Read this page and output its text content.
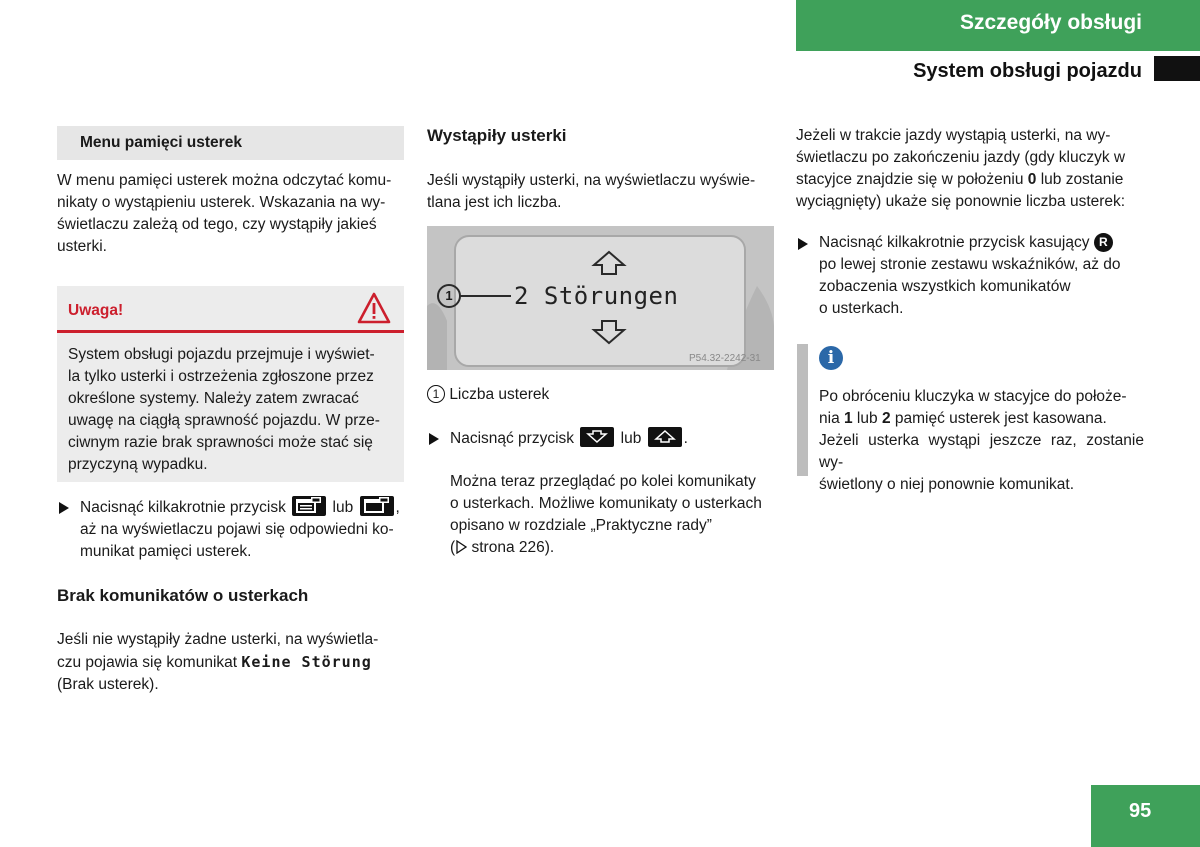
Szczegóły obsługi
System obsługi pojazdu
Menu pamięci usterek
W menu pamięci usterek można odczytać komu-
nikaty o wystąpieniu usterek. Wskazania na wy-
świetlaczu zależą od tego, czy wystąpiły jakieś
usterki.
Uwaga!
System obsługi pojazdu przejmuje i wyświet-
la tylko usterki i ostrzeżenia zgłoszone przez
określone systemy. Należy zatem zwracać
uwagę na ciągłą sprawność pojazdu. W prze-
ciwnym razie brak sprawności może stać się
przyczyną wypadku.
Nacisnąć kilkakrotnie przycisk	lub	,
aż na wyświetlaczu pojawi się odpowiedni ko-
munikat pamięci usterek.
Brak komunikatów o usterkach
Jeśli nie wystąpiły żadne usterki, na wyświetla-
czu pojawia się komunikat Keine Störung
(Brak usterek).
Wystąpiły usterki
Jeśli wystąpiły usterki, na wyświetlaczu wyświe-
tlana jest ich liczba.
1	2 Störungen
P54.32-2242-31
1 Liczba usterek
Nacisnąć przycisk	lub	.
Można teraz przeglądać po kolei komunikaty
o usterkach. Możliwe komunikaty o usterkach
opisano w rozdziale „Praktyczne rady”
( strona 226).
Jeżeli w trakcie jazdy wystąpią usterki, na wy-
świetlaczu po zakończeniu jazdy (gdy kluczyk w
stacyjce znajdzie się w położeniu 0 lub zostanie
wyciągnięty) ukaże się ponownie liczba usterek:
Nacisnąć kilkakrotnie przycisk kasujący R
po lewej stronie zestawu wskaźników, aż do
zobaczenia wszystkich komunikatów
o usterkach.
i
Po obróceniu kluczyka w stacyjce do położe-
nia 1 lub 2 pamięć usterek jest kasowana.
Jeżeli usterka wystąpi jeszcze raz, zostanie wy-
świetlony o niej ponownie komunikat.
95
